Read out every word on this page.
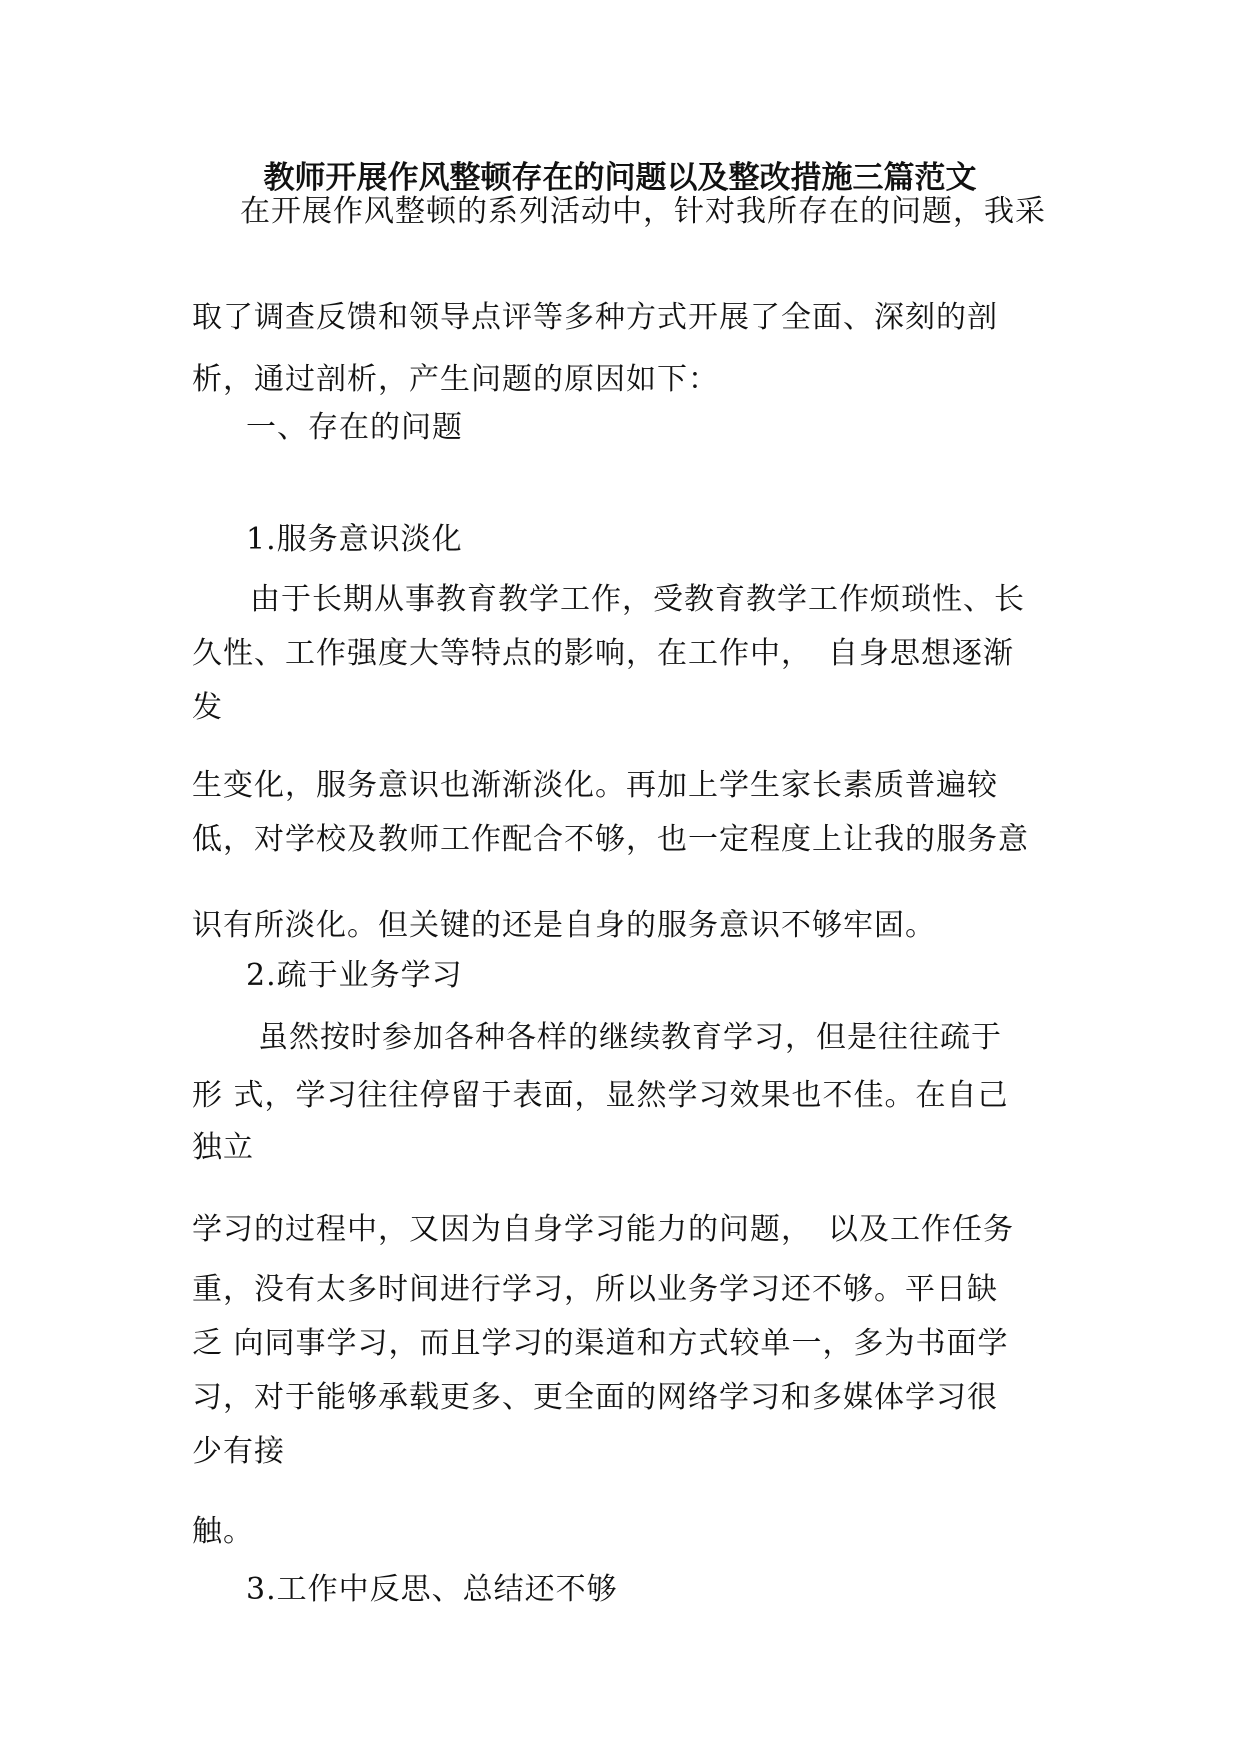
教师开展作风整顿存在的问题以及整改措施三篇范文
在开展作风整顿的系列活动中，针对我所存在的问题，我采
取了调查反馈和领导点评等多种方式开展了全面、深刻的剖
析，通过剖析，产生问题的原因如下：
一、存在的问题
1.服务意识淡化
由于长期从事教育教学工作，受教育教学工作烦琐性、长
久性、工作强度大等特点的影响，在工作中，　自身思想逐渐
发
生变化，服务意识也渐渐淡化。再加上学生家长素质普遍较
低，对学校及教师工作配合不够，也一定程度上让我的服务意
识有所淡化。但关键的还是自身的服务意识不够牢固。
2.疏于业务学习
虽然按时参加各种各样的继续教育学习，但是往往疏于
形 式，学习往往停留于表面，显然学习效果也不佳。在自己
独立
学习的过程中，又因为自身学习能力的问题，　以及工作任务
重，没有太多时间进行学习，所以业务学习还不够。平日缺
乏 向同事学习，而且学习的渠道和方式较单一，多为书面学
习，对于能够承载更多、更全面的网络学习和多媒体学习很
少有接
触。
3.工作中反思、总结还不够
